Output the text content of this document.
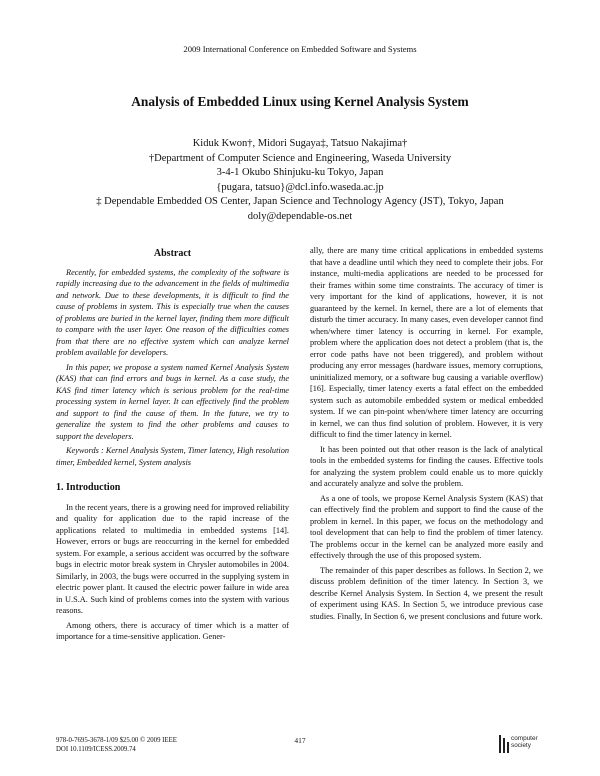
2009 International Conference on Embedded Software and Systems
Analysis of Embedded Linux using Kernel Analysis System
Kiduk Kwon†, Midori Sugaya‡, Tatsuo Nakajima†
†Department of Computer Science and Engineering, Waseda University
3-4-1 Okubo Shinjuku-ku Tokyo, Japan
{pugara, tatsuo}@dcl.info.waseda.ac.jp
‡ Dependable Embedded OS Center, Japan Science and Technology Agency (JST), Tokyo, Japan
doly@dependable-os.net
Abstract

Recently, for embedded systems, the complexity of the software is rapidly increasing due to the advancement in the fields of multimedia and network. Due to these developments, it is difficult to find the cause of problems in system. This is especially true when the causes of problems are buried in the kernel layer, finding them more difficult to compare with the user layer. One reason of the difficulties comes from that there are no effective system which can analyze kernel problem available for developers.

In this paper, we propose a system named Kernel Analysis System (KAS) that can find errors and bugs in kernel. As a case study, the KAS find timer latency which is serious problem for the real-time processing system in kernel layer. It can effectively find the problem and support to find the cause of them. In the future, we try to generalize the system to find the other problems and causes to support the developers.

Keywords : Kernel Analysis System, Timer latency, High resolution timer, Embedded kernel, System analysis

1. Introduction

In the recent years, there is a growing need for improved reliability and quality for application due to the rapid increase of the applications related to multimedia in embedded systems [14]. However, errors or bugs are reoccurring in the kernel for embedded system. For example, a serious accident was occurred by the software bugs in electric motor break system in Chrysler automobiles in 2004. Similarly, in 2003, the bugs were occurred in the supplying system in electric power plant. It caused the electric power failure in wide area in U.S.A. Such kind of problems comes into the system with various reasons.

Among others, there is accuracy of timer which is a matter of importance for a time-sensitive application. Gener-

ally, there are many time critical applications in embedded systems that have a deadline until which they need to complete their jobs. For instance, multi-media applications are needed to be processed for their frames within some time constraints. The accuracy of timer is very important for the kind of applications, however, it is not guaranteed by the kernel. In kernel, there are a lot of elements that disturb the timer accuracy. In many cases, even developer cannot find when/where timer latency is occurring in kernel. For example, problem where the application does not detect a problem (that is, the error code paths have not been triggered), and problem without producing any error messages (hardware issues, memory corruptions, uninitialized memory, or a software bug causing a variable overflow) [16]. Especially, timer latency exerts a fatal effect on the embedded system such as automobile embedded system or medical embedded system. If we can pin-point when/where timer latency are occurring in kernel, we can thus find solution of problem. However, it is very difficult to find the timer latency in kernel.

It has been pointed out that other reason is the lack of analytical tools in the embedded systems for finding the causes. Effective tools for analyzing the system problem could enable us to more quickly and accurately analyze and solve the problem.

As a one of tools, we propose Kernel Analysis System (KAS) that can effectively find the problem and support to find the cause of the problem in kernel. In this paper, we focus on the methodology and tool development that can help to find the problem of timer latency. The problems occur in the kernel can be analyzed more easily and effectively through the use of this proposed system.

The remainder of this paper describes as follows. In Section 2, we discuss problem definition of the timer latency. In Section 3, we describe Kernel Analysis System. In Section 4, we present the result of experiment using KAS. In Section 5, we introduce previous case studies. Finally, In Section 6, we present conclusions and future work.

978-0-7695-3678-1/09 $25.00 © 2009 IEEE
DOI 10.1109/ICESS.2009.74
417	computer
society
